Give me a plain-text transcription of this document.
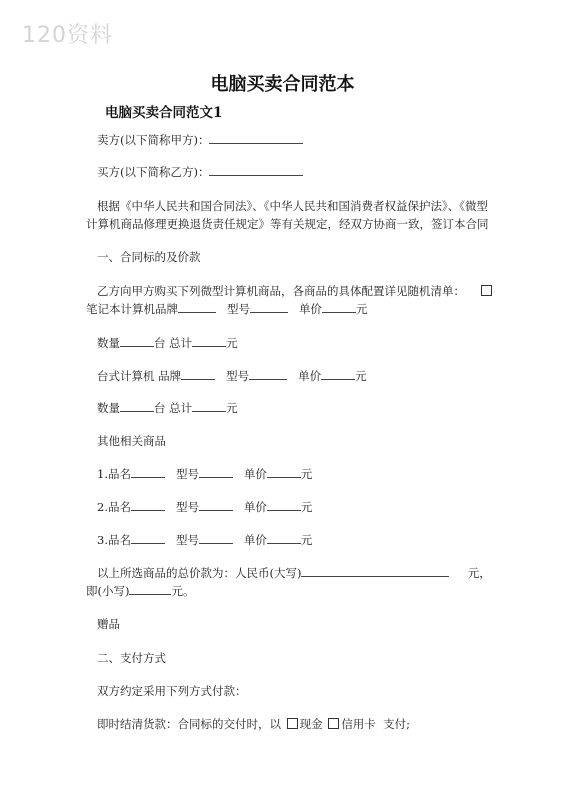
120资料
电脑买卖合同范本
电脑买卖合同范文1
卖方(以下简称甲方)：
买方(以下简称乙方)：
根据《中华人民共和国合同法》、《中华人民共和国消费者权益保护法》、《微型
计算机商品修理更换退货责任规定》等有关规定，经双方协商一致，签订本合同
一、合同标的及价款
乙方向甲方购买下列微型计算机商品，各商品的具体配置详见随机清单：
笔记本计算机品牌	型号	单价	元
数量	台 总计	元
台式计算机 品牌	型号	单价	元
数量	台 总计	元
其他相关商品
1.品名	型号	单价	元
2.品名	型号	单价	元
3.品名	型号	单价	元
以上所选商品的总价款为：人民币(大写)	元，
即(小写)	元。
赠品
二、支付方式
双方约定采用下列方式付款：
即时结清货款：合同标的交付时，以 现金 信用卡 支付;
